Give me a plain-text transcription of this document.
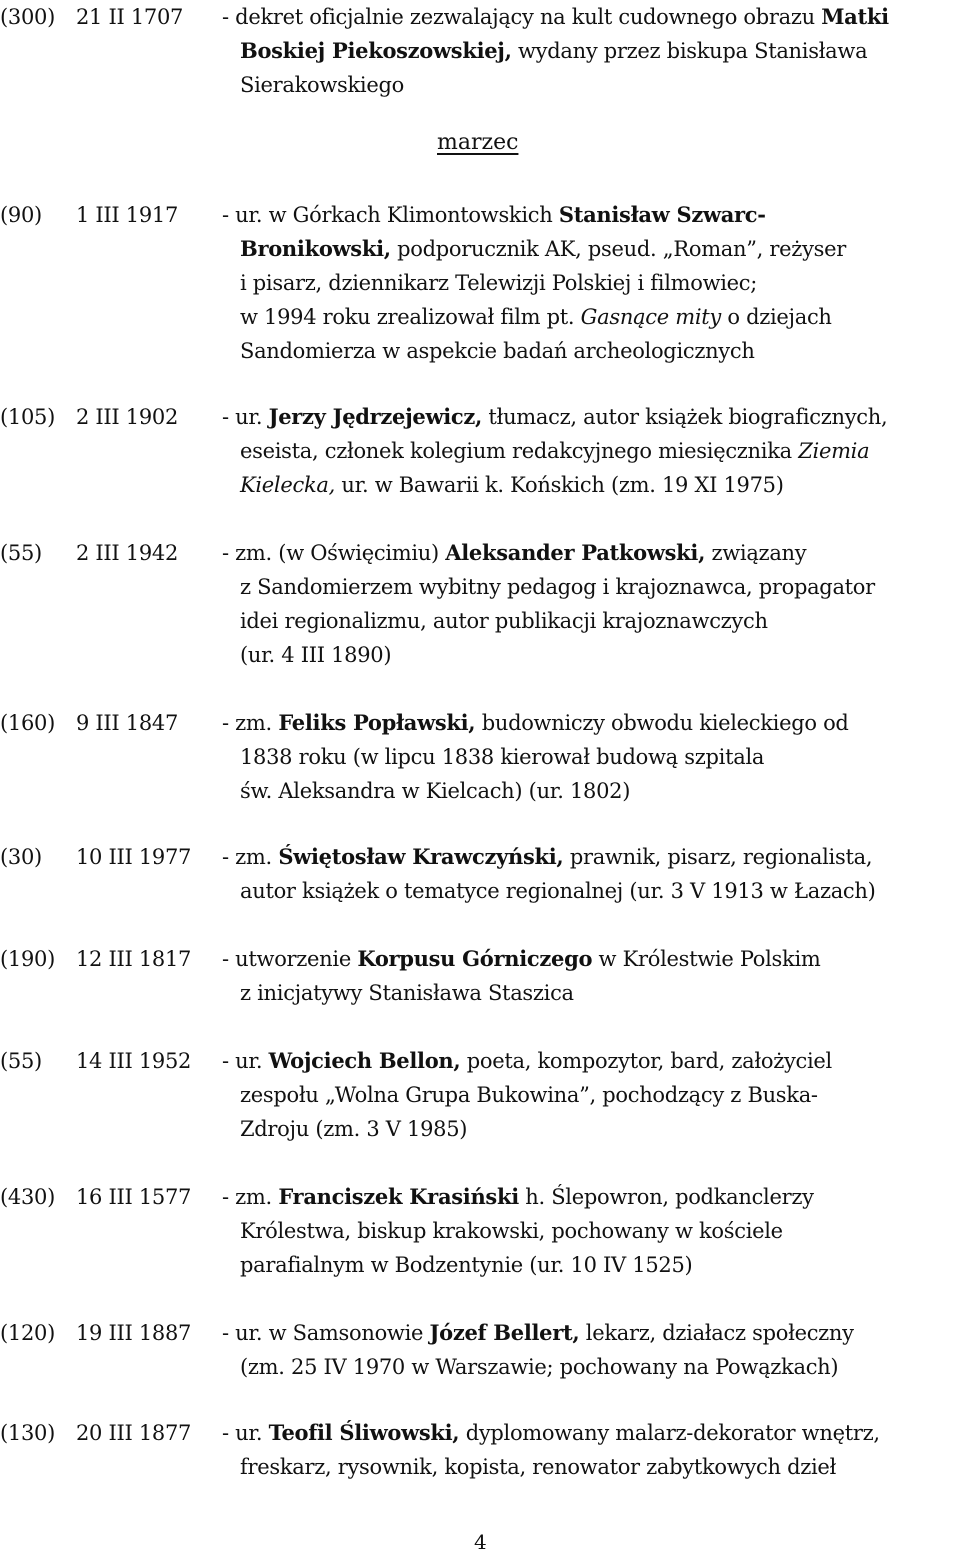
(300) 21 II 1707 - dekret oficjalnie zezwalający na kult cudownego obrazu Matki
Boskiej Piekoszowskiej, wydany przez biskupa Stanisława
Sierakowskiego
(90) 1 III 1917 - ur. w Górkach Klimontowskich Stanisław Szwarc-
Bronikowski, podporucznik AK, pseud. „Roman”, reżyser
i pisarz, dziennikarz Telewizji Polskiej i filmowiec;
w 1994 roku zrealizował film pt. Gasnące mity o dziejach
Sandomierza w aspekcie badań archeologicznych
(105) 2 III 1902 - ur. Jerzy Jędrzejewicz, tłumacz, autor książek biograficznych,
eseista, członek kolegium redakcyjnego miesięcznika Ziemia
Kielecka, ur. w Bawarii k. Końskich (zm. 19 XI 1975)
(55) 2 III 1942 - zm. (w Oświęcimiu) Aleksander Patkowski, związany
z Sandomierzem wybitny pedagog i krajoznawca, propagator
idei regionalizmu, autor publikacji krajoznawczych
(ur. 4 III 1890)
(160) 9 III 1847 - zm. Feliks Popławski, budowniczy obwodu kieleckiego od
1838 roku (w lipcu 1838 kierował budową szpitala
św. Aleksandra w Kielcach) (ur. 1802)
(30) 10 III 1977 - zm. Świętosław Krawczyński, prawnik, pisarz, regionalista,
autor książek o tematyce regionalnej (ur. 3 V 1913 w Łazach)
(190) 12 III 1817 - utworzenie Korpusu Górniczego w Królestwie Polskim
z inicjatywy Stanisława Staszica
(55) 14 III 1952 - ur. Wojciech Bellon, poeta, kompozytor, bard, założyciel
zespołu „Wolna Grupa Bukowina”, pochodzący z Buska-
Zdroju (zm. 3 V 1985)
(430) 16 III 1577 - zm. Franciszek Krasiński h. Ślepowron, podkanclerzy
Królestwa, biskup krakowski, pochowany w kościele
parafialnym w Bodzentynie (ur. 10 IV 1525)
(120) 19 III 1887 - ur. w Samsonowie Józef Bellert, lekarz, działacz społeczny
(zm. 25 IV 1970 w Warszawie; pochowany na Powązkach)
(130) 20 III 1877 - ur. Teofil Śliwowski, dyplomowany malarz-dekorator wnętrz,
freskarz, rysownik, kopista, renowator zabytkowych dzieł
marzec
4
